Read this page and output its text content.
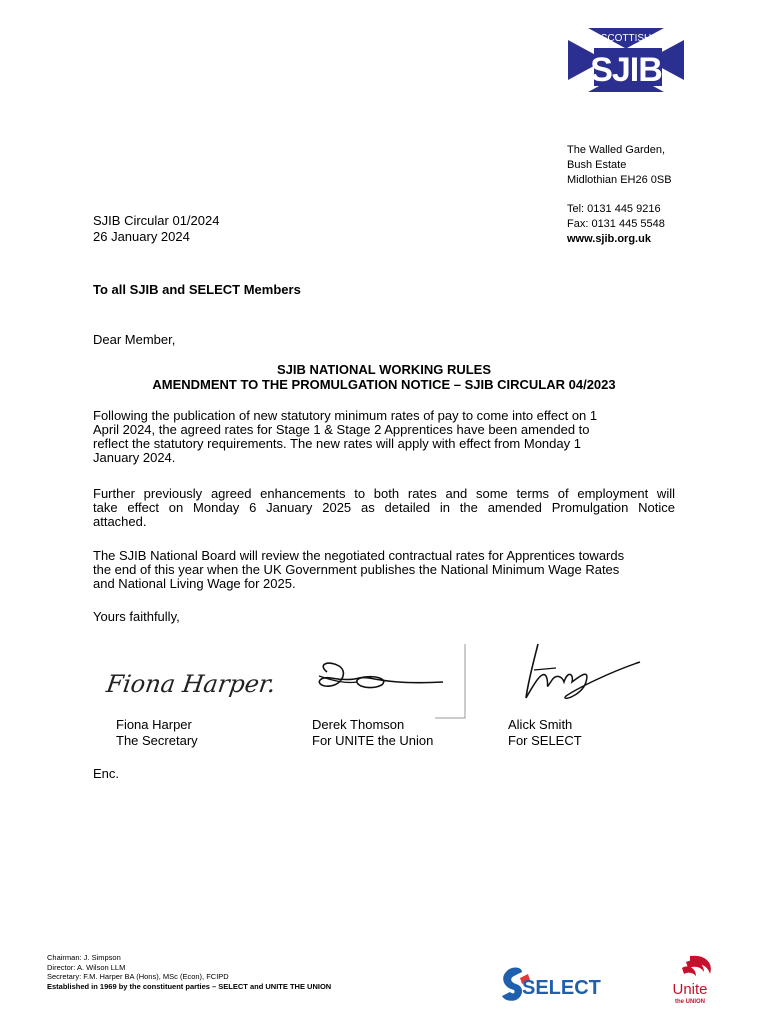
SCOTTISH
SJIB
The Walled Garden,
Bush Estate
Midlothian EH26 0SB
Tel: 0131 445 9216
Fax: 0131 445 5548
www.sjib.org.uk
SJIB Circular 01/2024
26 January 2024
To all SJIB and SELECT Members
Dear Member,
SJIB NATIONAL WORKING RULES
AMENDMENT TO THE PROMULGATION NOTICE – SJIB CIRCULAR 04/2023
Following the publication of new statutory minimum rates of pay to come into effect on 1
April 2024, the agreed rates for Stage 1 & Stage 2 Apprentices have been amended to
reflect the statutory requirements. The new rates will apply with effect from Monday 1
January 2024.
Further previously agreed enhancements to both rates and some terms of employment will
take effect on Monday 6 January 2025 as detailed in the amended Promulgation Notice
attached.
The SJIB National Board will review the negotiated contractual rates for Apprentices towards
the end of this year when the UK Government publishes the National Minimum Wage Rates
and National Living Wage for 2025.
Yours faithfully,
Fiona Harper.
Fiona Harper
The Secretary
Derek Thomson
For UNITE the Union
Alick Smith
For SELECT
Enc.
Chairman: J. Simpson
Director: A. Wilson LLM
Secretary: F.M. Harper BA (Hons), MSc (Econ), FCIPD
Established in 1969 by the constituent parties – SELECT and UNITE THE UNION	SELECT	Unite
the UNION
